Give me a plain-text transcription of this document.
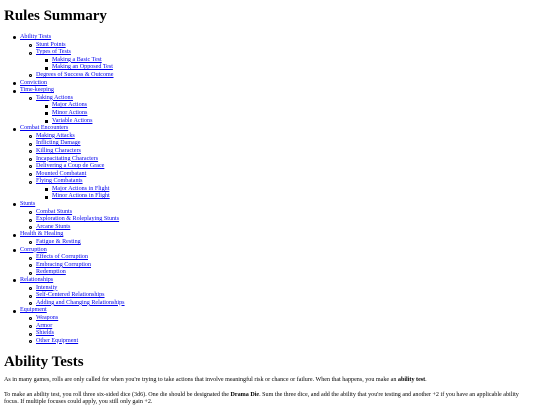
Rules Summary
Ability Tests
Stunt Points
Types of Tests
Making a Basic Test
Making an Opposed Test
Degrees of Success & Outcome
Conviction
Time-keeping
Taking Actions
Major Actions
Minor Actions
Variable Actions
Combat Encounters
Making Attacks
Inflicting Damage
Killing Characters
Incapacitating Characters
Delivering a Coup de Grace
Mounted Combatant
Flying Combatants
Major Actions in Flight
Minor Actions in Flight
Stunts
Combat Stunts
Exploration & Roleplaying Stunts
Arcane Stunts
Health & Healing
Fatigue & Resting
Corruption
Effects of Corruption
Embracing Corruption
Redemption
Relationships
Intensity
Self-Centered Relationships
Adding and Changing Relationships
Equipment
Weapons
Armor
Shields
Other Equipment
Ability Tests

As in many games, rolls are only called for when you're trying to take actions that involve meaningful risk or chance or failure. When that happens, you make an ability test.

To make an ability test, you roll three six-sided dice (3d6). One die should be designated the Drama Die. Sum the three dice, and add the ability that you're testing and another +2 if you have an applicable ability focus. If multiple focuses could apply, you still only gain +2.
